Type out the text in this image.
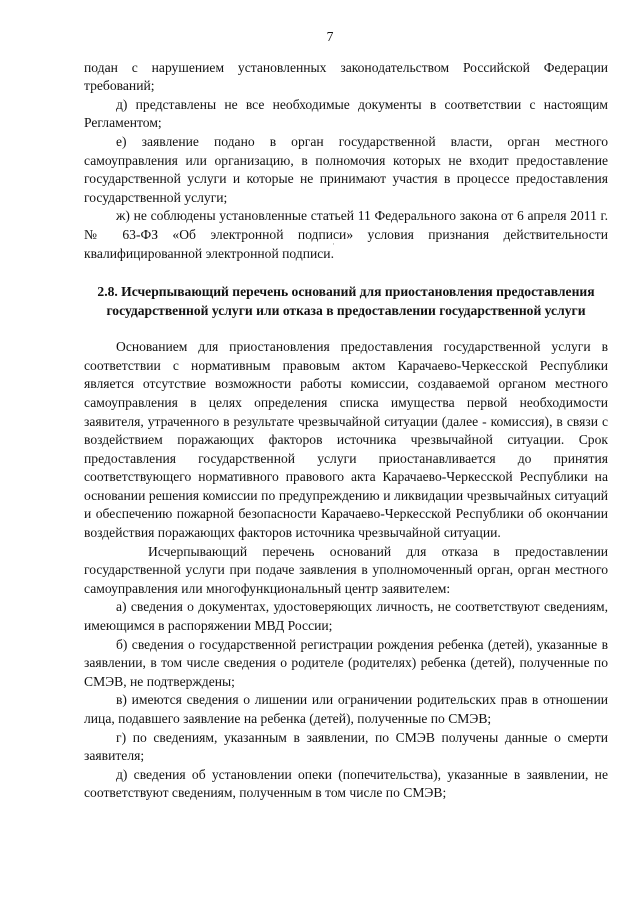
7

подан с нарушением установленных законодательством Российской Федерации требований;

д) представлены не все необходимые документы в соответствии с настоящим Регламентом;

е) заявление подано в орган государственной власти, орган местного самоуправления или организацию, в полномочия которых не входит предоставление государственной услуги и которые не принимают участия в процессе предоставления государственной услуги;

ж) не соблюдены установленные статьей 11 Федерального закона от 6 апреля 2011 г. № 63-ФЗ «Об электронной подписи» условия признания действительности квалифицированной электронной подписи.

2.8. Исчерпывающий перечень оснований для приостановления предоставления государственной услуги или отказа в предоставлении государственной услуги

Основанием для приостановления предоставления государственной услуги в соответствии с нормативным правовым актом Карачаево-Черкесской Республики является отсутствие возможности работы комиссии, создаваемой органом местного самоуправления в целях определения списка имущества первой необходимости заявителя, утраченного в результате чрезвычайной ситуации (далее - комиссия), в связи с воздействием поражающих факторов источника чрезвычайной ситуации. Срок предоставления государственной услуги приостанавливается до принятия соответствующего нормативного правового акта Карачаево-Черкесской Республики на основании решения комиссии по предупреждению и ликвидации чрезвычайных ситуаций и обеспечению пожарной безопасности Карачаево-Черкесской Республики об окончании воздействия поражающих факторов источника чрезвычайной ситуации.

Исчерпывающий перечень оснований для отказа в предоставлении государственной услуги при подаче заявления в уполномоченный орган, орган местного самоуправления или многофункциональный центр заявителем:

а) сведения о документах, удостоверяющих личность, не соответствуют сведениям, имеющимся в распоряжении МВД России;

б) сведения о государственной регистрации рождения ребенка (детей), указанные в заявлении, в том числе сведения о родителе (родителях) ребенка (детей), полученные по СМЭВ, не подтверждены;

в) имеются сведения о лишении или ограничении родительских прав в отношении лица, подавшего заявление на ребенка (детей), полученные по СМЭВ;

г) по сведениям, указанным в заявлении, по СМЭВ получены данные о смерти заявителя;

д) сведения об установлении опеки (попечительства), указанные в заявлении, не соответствуют сведениям, полученным в том числе по СМЭВ;

·
